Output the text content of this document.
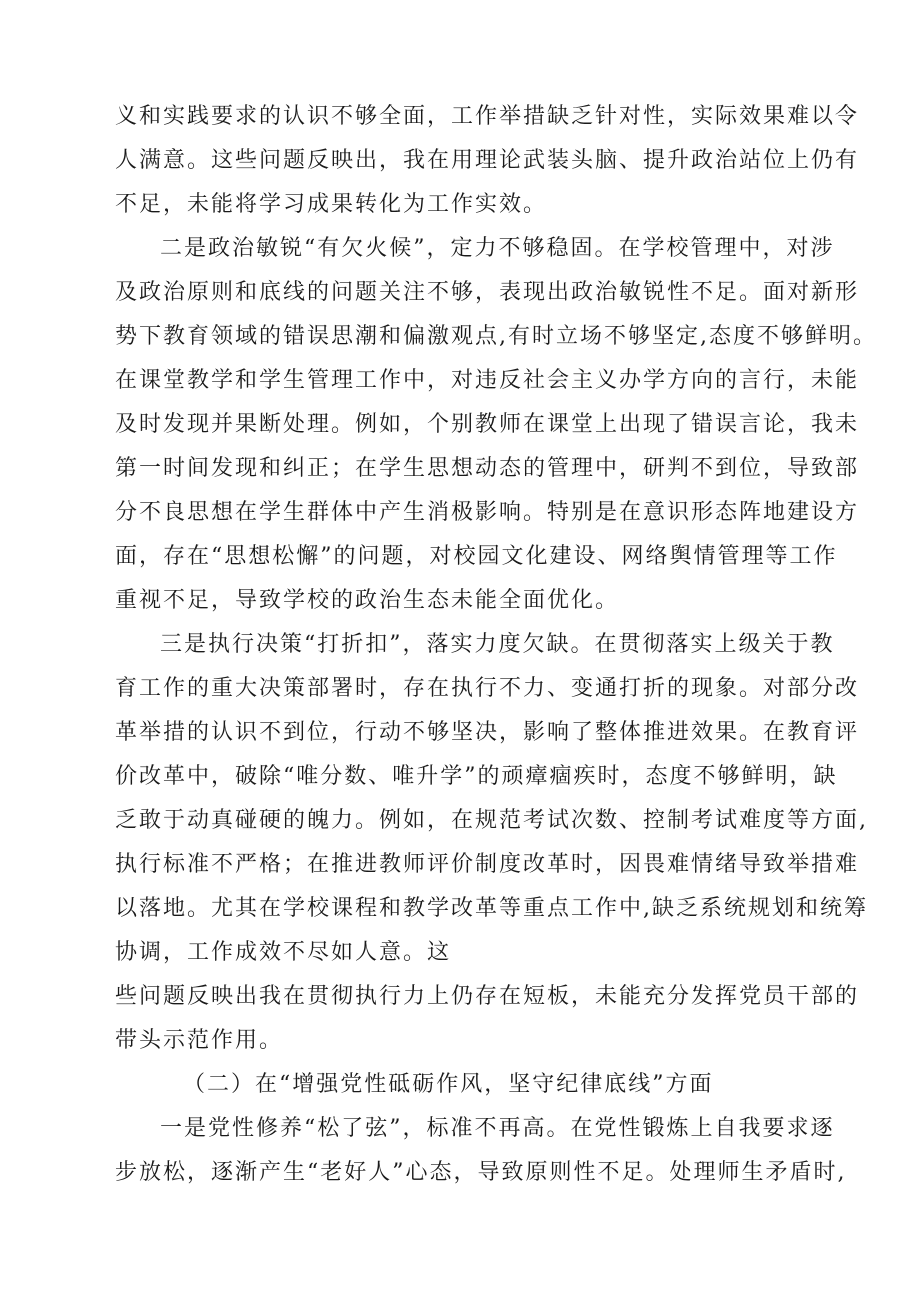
义和实践要求的认识不够全面，工作举措缺乏针对性，实际效果难以令
人满意。这些问题反映出，我在用理论武装头脑、提升政治站位上仍有
不足，未能将学习成果转化为工作实效。
二是政治敏锐“有欠火候”，定力不够稳固。在学校管理中，对涉
及政治原则和底线的问题关注不够，表现出政治敏锐性不足。面对新形
势下教育领域的错误思潮和偏激观点,有时立场不够坚定,态度不够鲜明。
在课堂教学和学生管理工作中，对违反社会主义办学方向的言行，未能
及时发现并果断处理。例如，个别教师在课堂上出现了错误言论，我未
第一时间发现和纠正；在学生思想动态的管理中，研判不到位，导致部
分不良思想在学生群体中产生消极影响。特别是在意识形态阵地建设方
面，存在“思想松懈”的问题，对校园文化建设、网络舆情管理等工作
重视不足，导致学校的政治生态未能全面优化。
三是执行决策“打折扣”，落实力度欠缺。在贯彻落实上级关于教
育工作的重大决策部署时，存在执行不力、变通打折的现象。对部分改
革举措的认识不到位，行动不够坚决，影响了整体推进效果。在教育评
价改革中，破除“唯分数、唯升学”的顽瘴痼疾时，态度不够鲜明，缺
乏敢于动真碰硬的魄力。例如，在规范考试次数、控制考试难度等方面,
执行标准不严格；在推进教师评价制度改革时，因畏难情绪导致举措难
以落地。尤其在学校课程和教学改革等重点工作中,缺乏系统规划和统筹
协调，工作成效不尽如人意。这
些问题反映出我在贯彻执行力上仍存在短板，未能充分发挥党员干部的
带头示范作用。
（二）在“增强党性砥砺作风，坚守纪律底线”方面
一是党性修养“松了弦”，标准不再高。在党性锻炼上自我要求逐
步放松，逐渐产生“老好人”心态，导致原则性不足。处理师生矛盾时,
